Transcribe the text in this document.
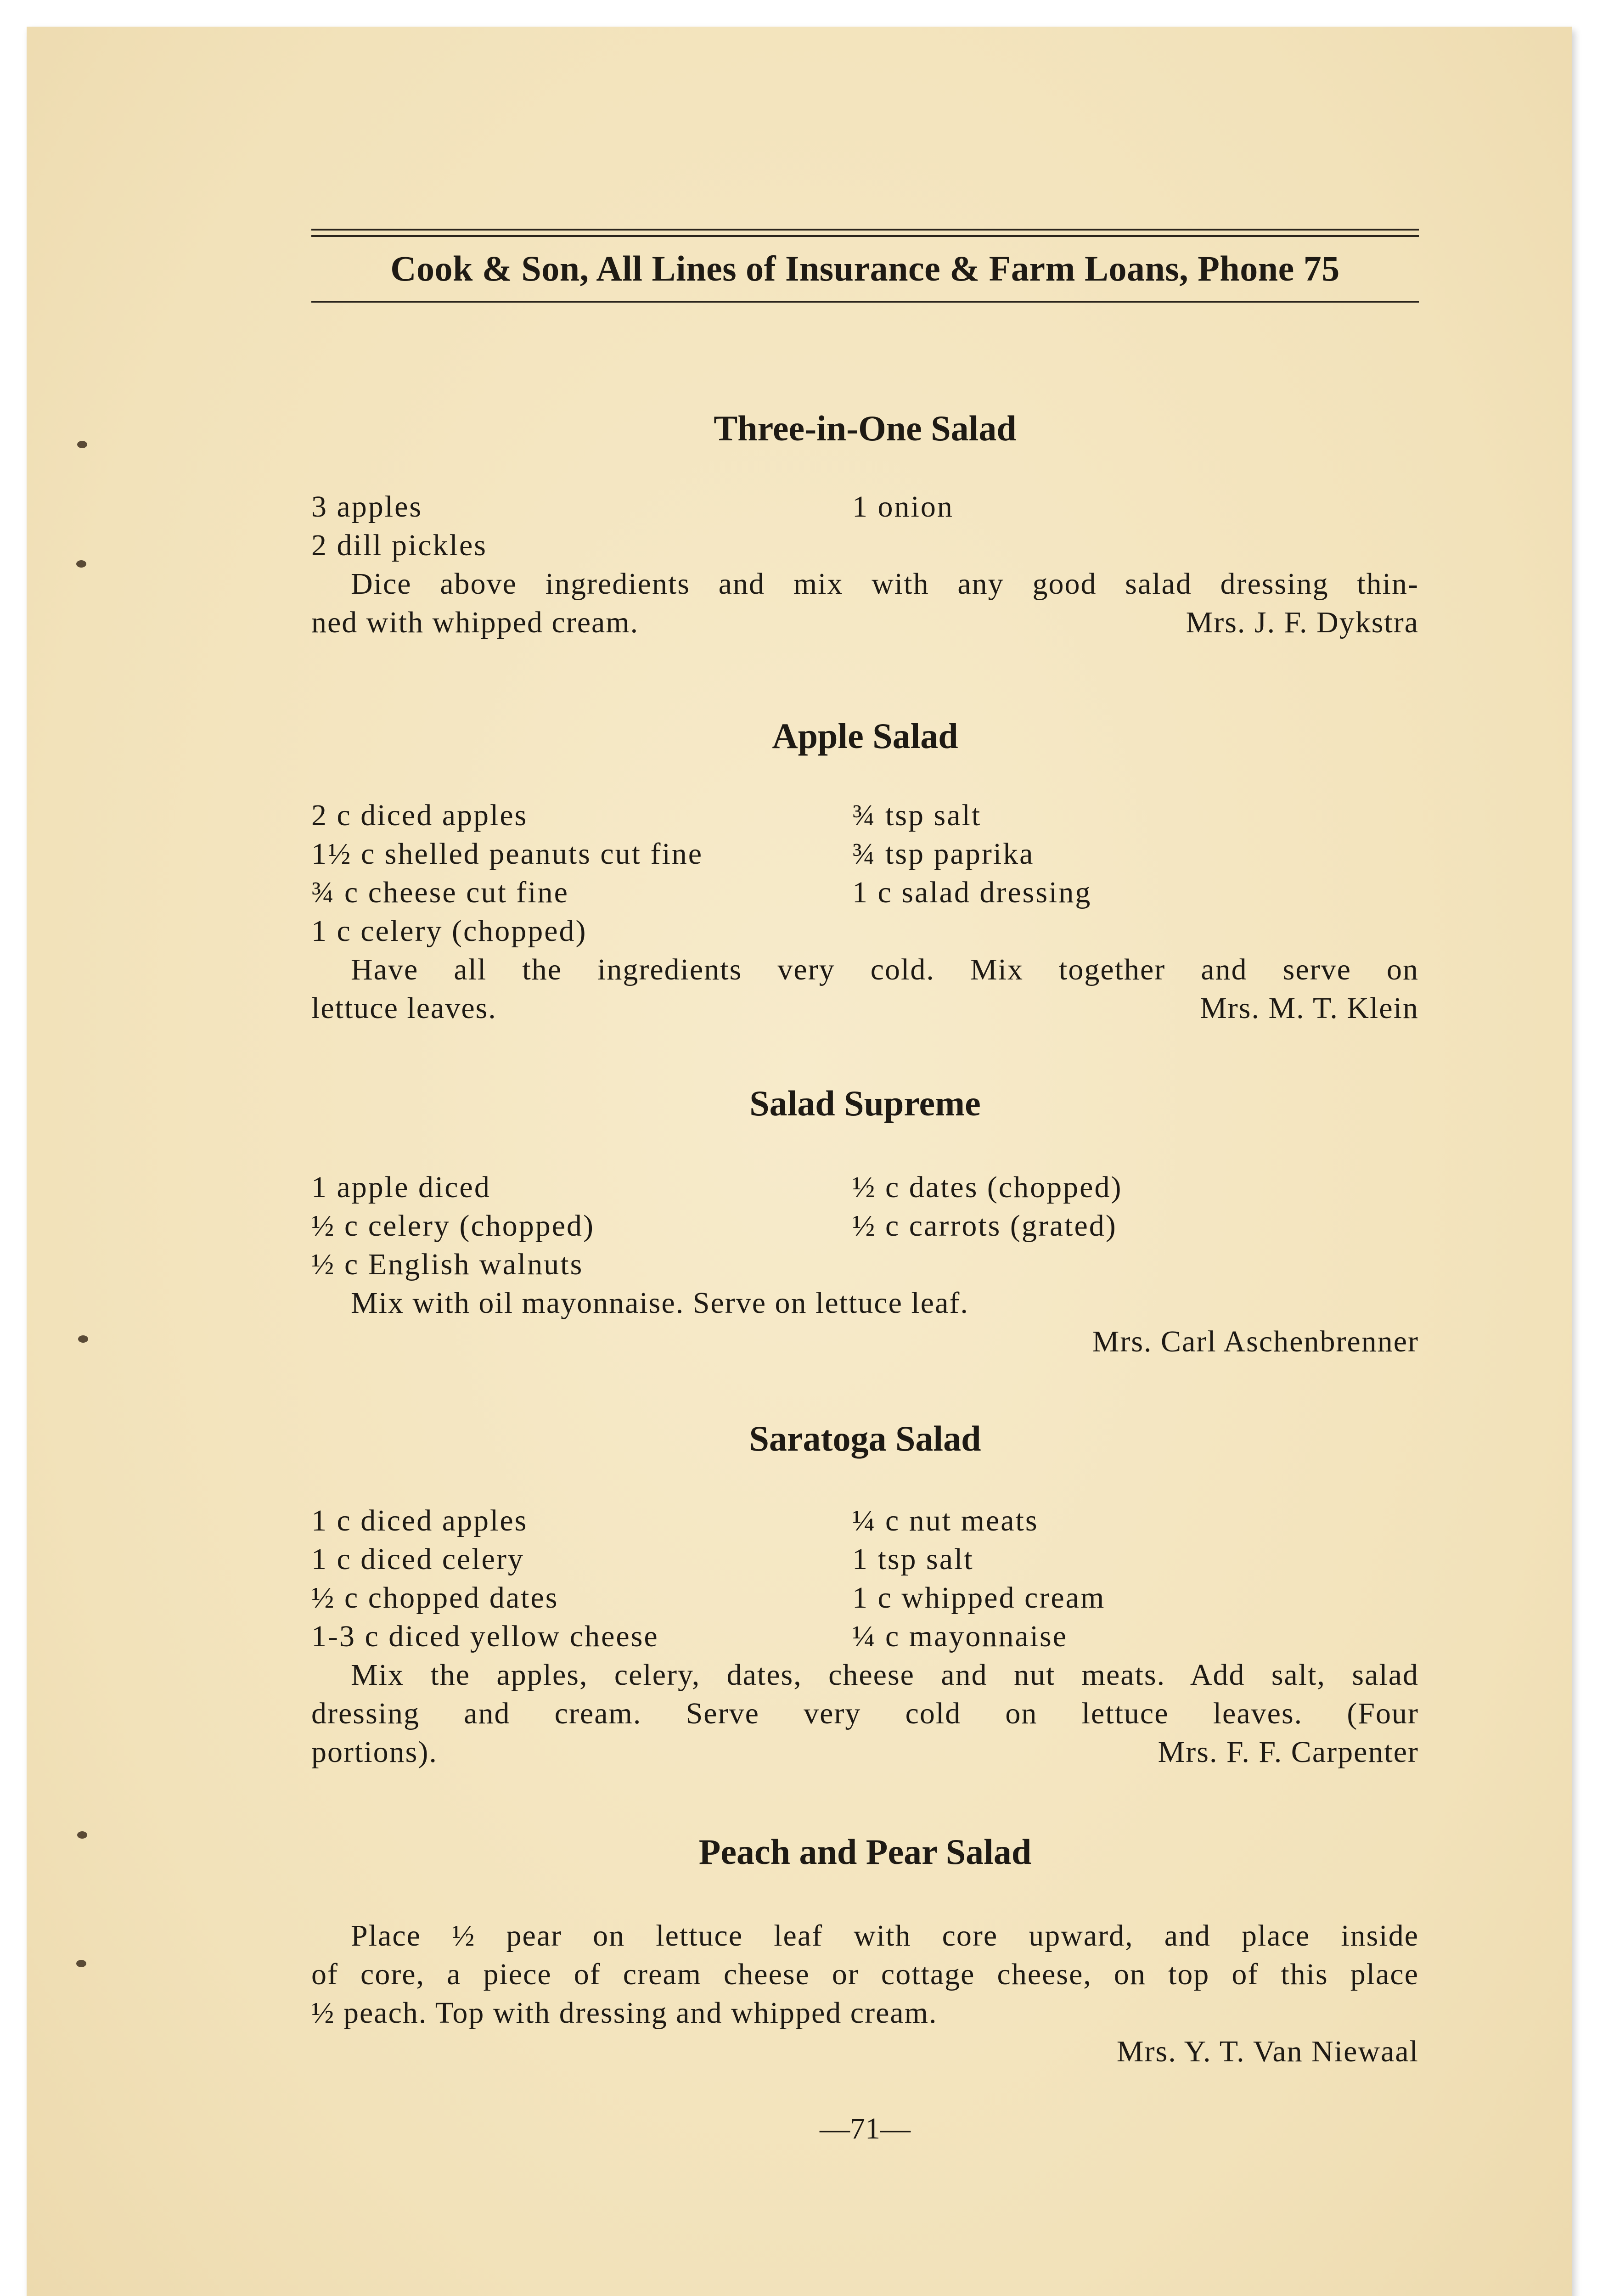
Cook & Son, All Lines of Insurance & Farm Loans, Phone 75
Three-in-One Salad
3 apples	1 onion
2 dill pickles
Dice above ingredients and mix with any good salad dressing thin-
ned with whipped cream.	Mrs. J. F. Dykstra
Apple Salad
2 c diced apples	¾ tsp salt
1½ c shelled peanuts cut fine	¾ tsp paprika
¾ c cheese cut fine	1 c salad dressing
1 c celery (chopped)
Have all the ingredients very cold. Mix together and serve on
lettuce leaves.	Mrs. M. T. Klein
Salad Supreme
1 apple diced	½ c dates (chopped)
½ c celery (chopped)	½ c carrots (grated)
½ c English walnuts
Mix with oil mayonnaise. Serve on lettuce leaf.
Mrs. Carl Aschenbrenner
Saratoga Salad
1 c diced apples	¼ c nut meats
1 c diced celery	1 tsp salt
½ c chopped dates	1 c whipped cream
1-3 c diced yellow cheese	¼ c mayonnaise
Mix the apples, celery, dates, cheese and nut meats. Add salt, salad
dressing and cream. Serve very cold on lettuce leaves. (Four
portions).	Mrs. F. F. Carpenter
Peach and Pear Salad
Place ½ pear on lettuce leaf with core upward, and place inside
of core, a piece of cream cheese or cottage cheese, on top of this place
½ peach. Top with dressing and whipped cream.
Mrs. Y. T. Van Niewaal
—71—
